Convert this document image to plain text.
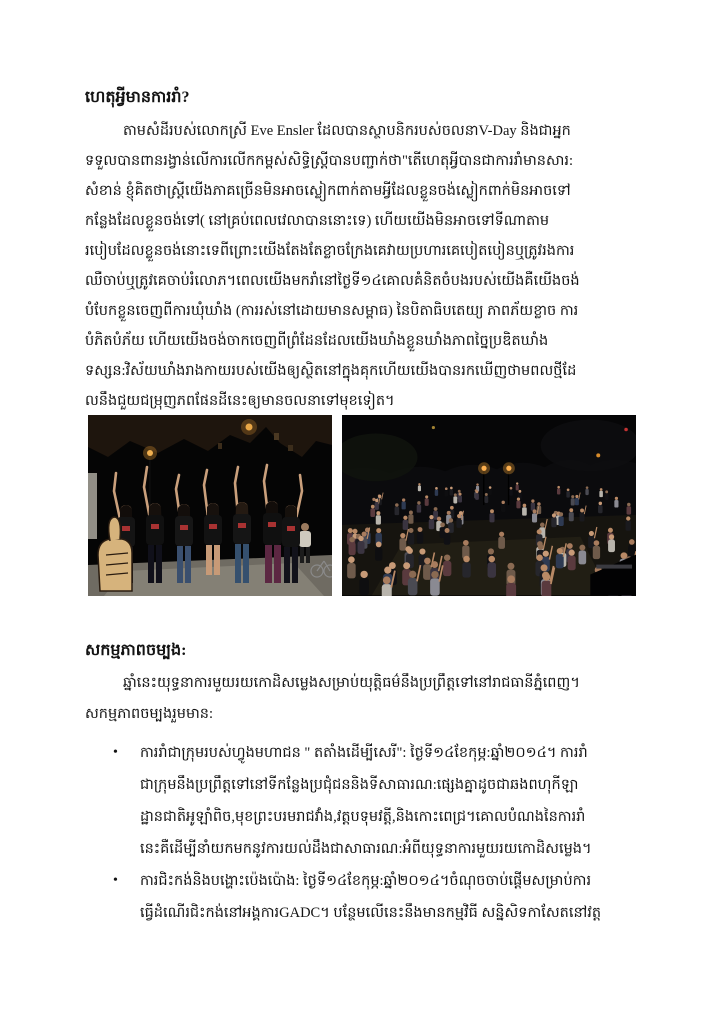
ហេតុអ្វីមានការរាំ?
តាមសំដីរបស់លោកស្រី Eve Ensler ដែលបានស្ថាបនិករបស់ចលនាV-Day និងជាអ្នក
ទទួលបានពានរង្វាន់លើការលើកកម្ពស់សិទ្ធិស្ត្រីបានបញ្ជាក់ថា"តើហេតុអ្វីបានជាការរាំមានសារ:
សំខាន់ ខ្ញុំគិតថាស្ត្រីយើងភាគច្រើនមិនអាចស្លៀកពាក់តាមអ្វីដែលខ្លួនចង់ស្លៀកពាក់មិនអាចទៅ
កន្លែងដែលខ្លួនចង់ទៅ( នៅគ្រប់ពេលវេលាបាននោះទេ) ហើយយើងមិនអាចទៅទីណាតាម
របៀបដែលខ្លួនចង់នោះទេពីព្រោះយើងតែងតែខ្លាចក្រែងគេវាយប្រហារគេបៀតបៀនឬត្រូវរងការ
ឈឺចាប់ឬត្រូវគេចាប់រំលោភ។ពេលយើងមករាំនៅថ្ងៃទី១៤គោលគំនិតចំបងរបស់យើងគឺយើងចង់
បំបែកខ្លួនចេញពីការឃុំឃាំង (ការរស់នៅដោយមានសម្ពាធ) នៃបិតាធិបតេយ្យ ភាពភ័យខ្លាច ការ
បំភិតបំភ័យ ហើយយើងចង់ចាកចេញពីព្រំដែនដែលយើងឃាំងខ្លួនឃាំងភាពច្នៃប្រឌិតឃាំង
ទស្សន:វិស័យឃាំងរាងកាយរបស់យើងឲ្យស្ថិតនៅក្នុងគុកហើយយើងបានរកឃើញថាមពលថ្មីដែ
លនឹងជួយជម្រុញភពផែនដីនេះឲ្យមានចលនាទៅមុខទៀត។
សកម្មភាពចម្បង:
ឆ្នាំនេះយុទ្ធនាការមួយរយកោដិសម្លេងសម្រាប់យុត្តិធម៌នឹងប្រព្រឹត្តទៅនៅរាជធានីភ្នំពេញ។
សកម្មភាពចម្បងរួមមាន:
• ការរាំជាក្រុមរបស់ហ្វូងមហាជន " តតាំងដើម្បីសេរី": ថ្ងៃទី១៤ខែកុម្ភ:ឆ្នាំ២០១៤។ ការរាំ
ជាក្រុមនឹងប្រព្រឹត្តទៅនៅទីកន្លែងប្រជុំជននិងទីសាធារណ:ផ្សេងគ្នាដូចជាឆងពហុកីឡា
ដ្ឋានជាតិអូឡាំពិច,មុខព្រះបរមរាជវាំង,វត្តបទុមវត្តី,និងកោះពេជ្រ។គោលបំណងនៃការរាំ
នេះគឺដើម្បីនាំយកមកនូវការយល់ដឹងជាសាធារណ:អំពីយុទ្ធនាការមួយរយកោដិសម្លេង។
• ការជិះកង់និងបង្ហោះប៉េងប៉ោង: ថ្ងៃទី១៤ខែកុម្ភ:ឆ្នាំ២០១៤។ចំណុចចាប់ផ្ដើមសម្រាប់ការ
ធ្វើដំណើរជិះកង់នៅអង្គការGADC។ បន្ថែមលើនេះនឹងមានកម្មវិធី សន្និសិទកាសែតនៅវត្ត
